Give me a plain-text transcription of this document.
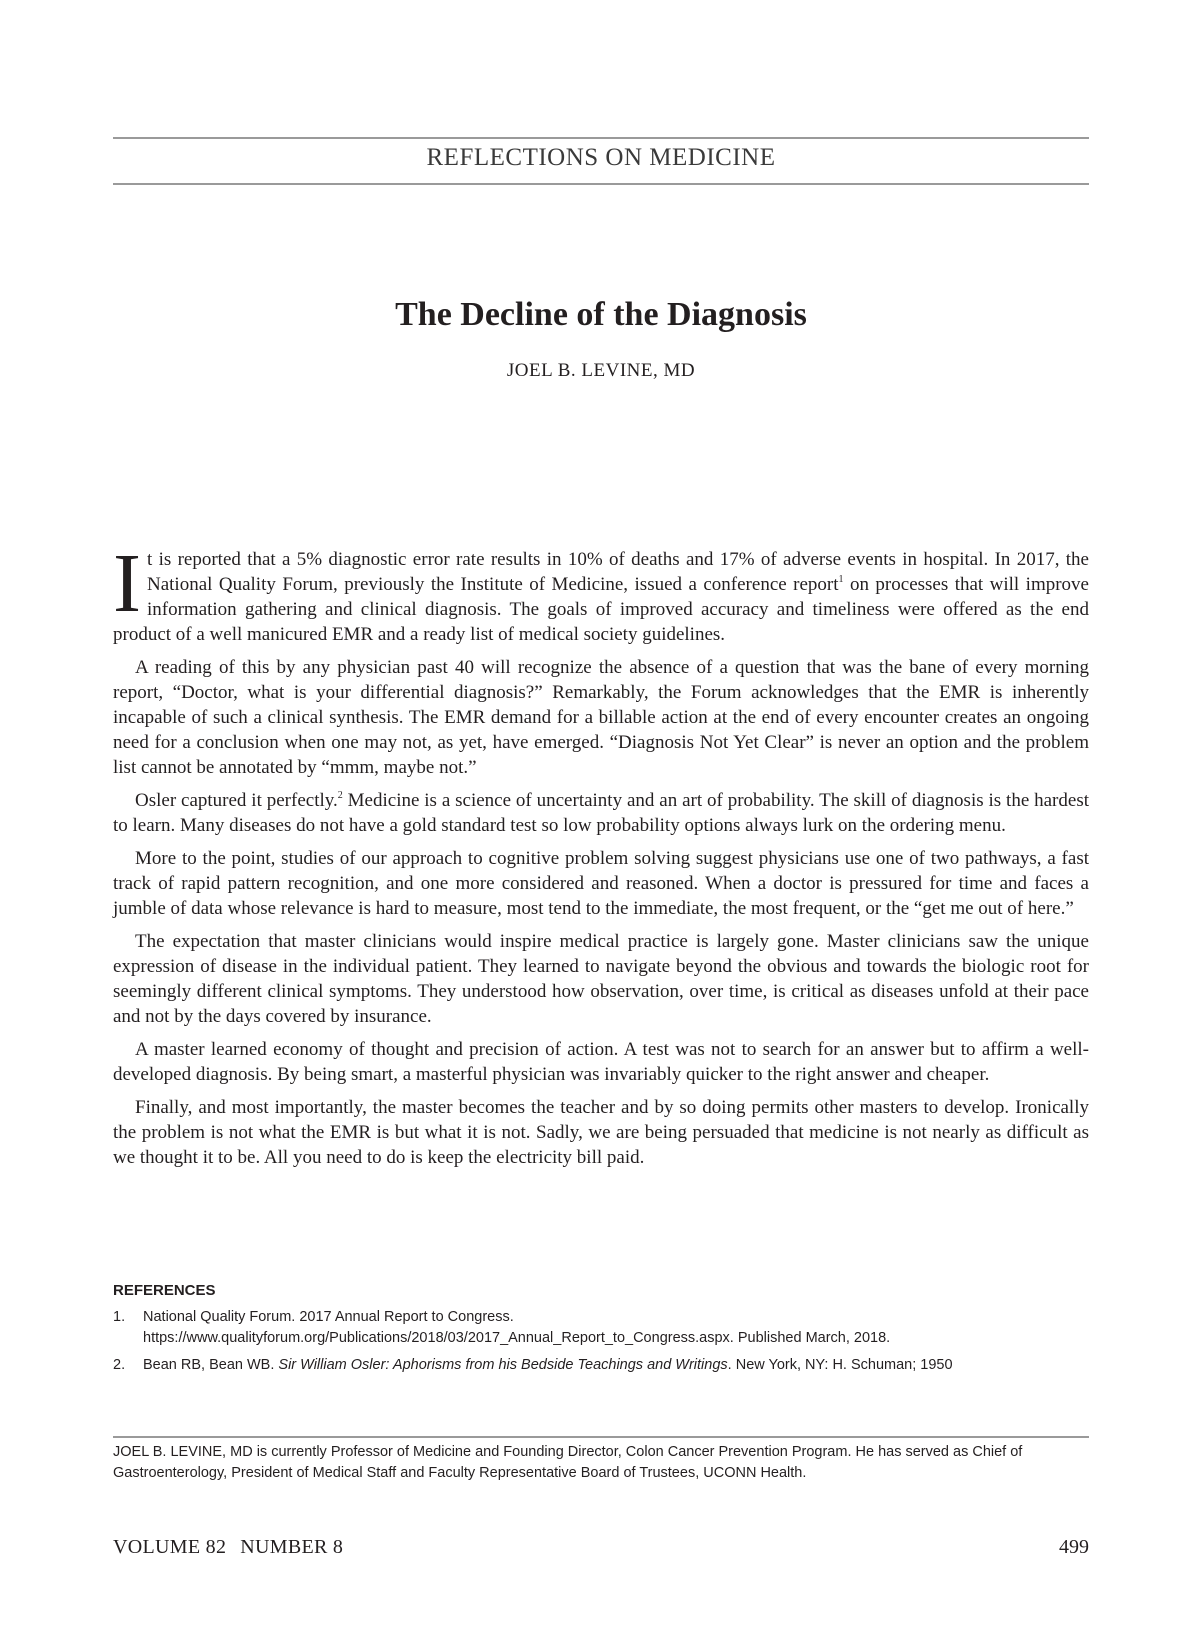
REFLECTIONS ON MEDICINE
The Decline of the Diagnosis
JOEL B. LEVINE, MD

It is reported that a 5% diagnostic error rate results in 10% of deaths and 17% of adverse events in hospital. In 2017, the National Quality Forum, previously the Institute of Medicine, issued a conference report$^1$ on processes that will improve information gathering and clinical diagnosis. The goals of improved accuracy and timeliness were offered as the end product of a well manicured EMR and a ready list of medical society guidelines.

A reading of this by any physician past 40 will recognize the absence of a question that was the bane of every morning report, “Doctor, what is your differential diagnosis?” Remarkably, the Forum acknowledges that the EMR is inherently incapable of such a clinical synthesis. The EMR demand for a billable action at the end of every encounter creates an ongoing need for a conclusion when one may not, as yet, have emerged. “Diagnosis Not Yet Clear” is never an option and the problem list cannot be annotated by “mmm, maybe not.”

Osler captured it perfectly.$^2$ Medicine is a science of uncertainty and an art of probability. The skill of diagnosis is the hardest to learn. Many diseases do not have a gold standard test so low probability options always lurk on the ordering menu.

More to the point, studies of our approach to cognitive problem solving suggest physicians use one of two pathways, a fast track of rapid pattern recognition, and one more considered and reasoned. When a doctor is pressured for time and faces a jumble of data whose relevance is hard to measure, most tend to the immediate, the most frequent, or the “get me out of here.”

The expectation that master clinicians would inspire medical practice is largely gone. Master clinicians saw the unique expression of disease in the individual patient. They learned to navigate beyond the obvious and towards the biologic root for seemingly different clinical symptoms. They understood how observation, over time, is critical as diseases unfold at their pace and not by the days covered by insurance.

A master learned economy of thought and precision of action. A test was not to search for an answer but to affirm a well-developed diagnosis. By being smart, a masterful physician was invariably quicker to the right answer and cheaper.

Finally, and most importantly, the master becomes the teacher and by so doing permits other masters to develop. Ironically the problem is not what the EMR is but what it is not. Sadly, we are being persuaded that medicine is not nearly as difficult as we thought it to be. All you need to do is keep the electricity bill paid.

REFERENCES
1. National Quality Forum. 2017 Annual Report to Congress. https://www.qualityforum.org/Publications/2018/03/2017_Annual_Report_to_Congress.aspx. Published March, 2018.
2. Bean RB, Bean WB. Sir William Osler: Aphorisms from his Bedside Teachings and Writings. New York, NY: H. Schuman; 1950
JOEL B. LEVINE, MD is currently Professor of Medicine and Founding Director, Colon Cancer Prevention Program. He has served as Chief of Gastroenterology, President of Medical Staff and Faculty Representative Board of Trustees, UCONN Health.
VOLUME 82 NUMBER 8	499
